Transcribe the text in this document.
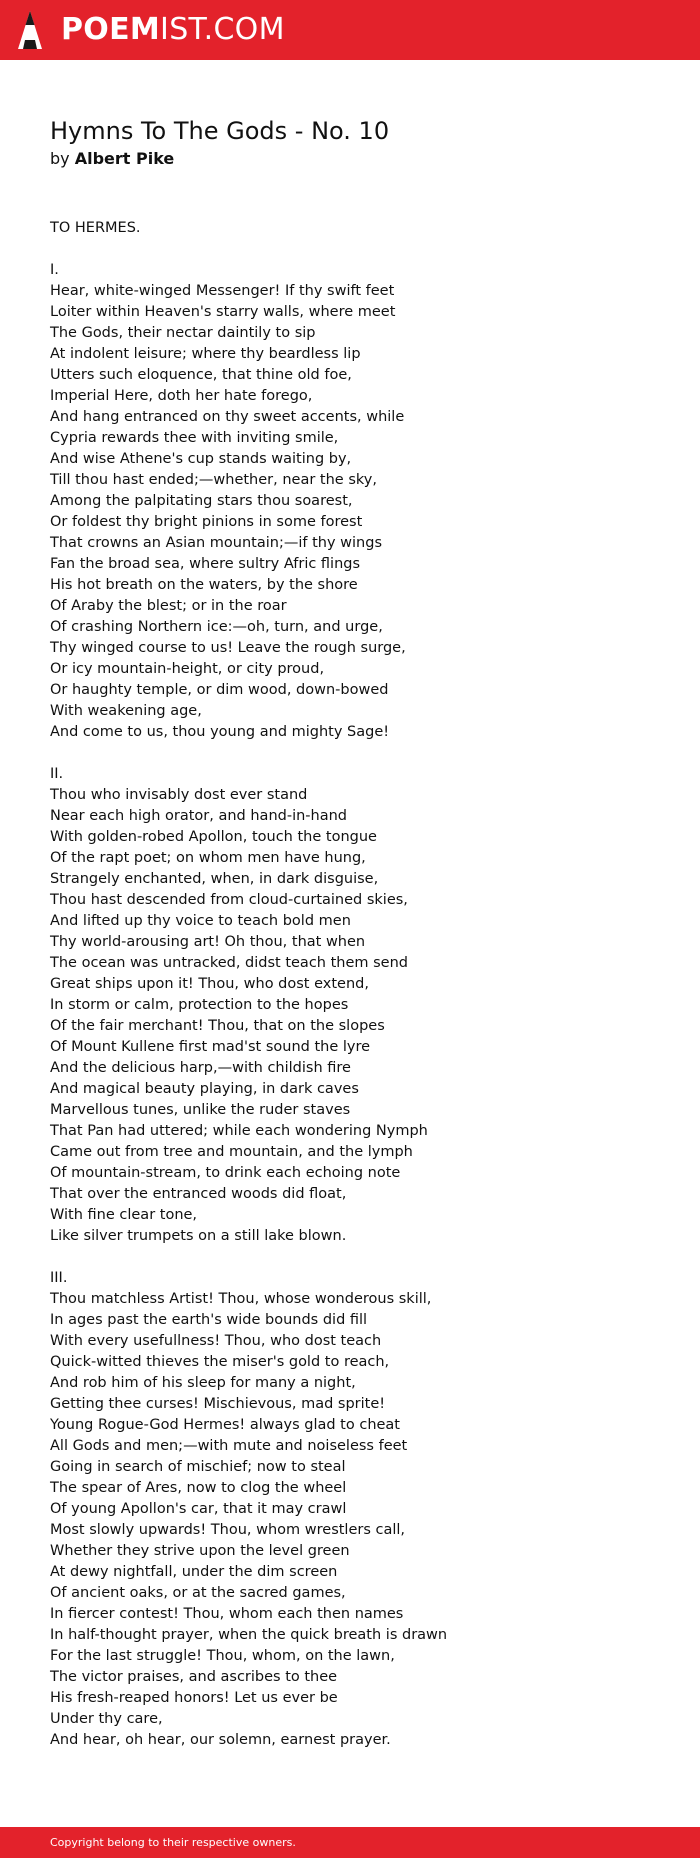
POEMIST.COM
Hymns To The Gods - No. 10
by Albert Pike
TO HERMES.
I.
Hear, white-winged Messenger! If thy swift feet
Loiter within Heaven's starry walls, where meet
The Gods, their nectar daintily to sip
At indolent leisure; where thy beardless lip
Utters such eloquence, that thine old foe,
Imperial Here, doth her hate forego,
And hang entranced on thy sweet accents, while
Cypria rewards thee with inviting smile,
And wise Athene's cup stands waiting by,
Till thou hast ended;—whether, near the sky,
Among the palpitating stars thou soarest,
Or foldest thy bright pinions in some forest
That crowns an Asian mountain;—if thy wings
Fan the broad sea, where sultry Afric flings
His hot breath on the waters, by the shore
Of Araby the blest; or in the roar
Of crashing Northern ice:—oh, turn, and urge,
Thy winged course to us! Leave the rough surge,
Or icy mountain-height, or city proud,
Or haughty temple, or dim wood, down-bowed
With weakening age,
And come to us, thou young and mighty Sage!
II.
Thou who invisably dost ever stand
Near each high orator, and hand-in-hand
With golden-robed Apollon, touch the tongue
Of the rapt poet; on whom men have hung,
Strangely enchanted, when, in dark disguise,
Thou hast descended from cloud-curtained skies,
And lifted up thy voice to teach bold men
Thy world-arousing art! Oh thou, that when
The ocean was untracked, didst teach them send
Great ships upon it! Thou, who dost extend,
In storm or calm, protection to the hopes
Of the fair merchant! Thou, that on the slopes
Of Mount Kullene first mad'st sound the lyre
And the delicious harp,—with childish fire
And magical beauty playing, in dark caves
Marvellous tunes, unlike the ruder staves
That Pan had uttered; while each wondering Nymph
Came out from tree and mountain, and the lymph
Of mountain-stream, to drink each echoing note
That over the entranced woods did float,
With fine clear tone,
Like silver trumpets on a still lake blown.
III.
Thou matchless Artist! Thou, whose wonderous skill,
In ages past the earth's wide bounds did fill
With every usefullness! Thou, who dost teach
Quick-witted thieves the miser's gold to reach,
And rob him of his sleep for many a night,
Getting thee curses! Mischievous, mad sprite!
Young Rogue-God Hermes! always glad to cheat
All Gods and men;—with mute and noiseless feet
Going in search of mischief; now to steal
The spear of Ares, now to clog the wheel
Of young Apollon's car, that it may crawl
Most slowly upwards! Thou, whom wrestlers call,
Whether they strive upon the level green
At dewy nightfall, under the dim screen
Of ancient oaks, or at the sacred games,
In fiercer contest! Thou, whom each then names
In half-thought prayer, when the quick breath is drawn
For the last struggle! Thou, whom, on the lawn,
The victor praises, and ascribes to thee
His fresh-reaped honors! Let us ever be
Under thy care,
And hear, oh hear, our solemn, earnest prayer.
Copyright belong to their respective owners.
